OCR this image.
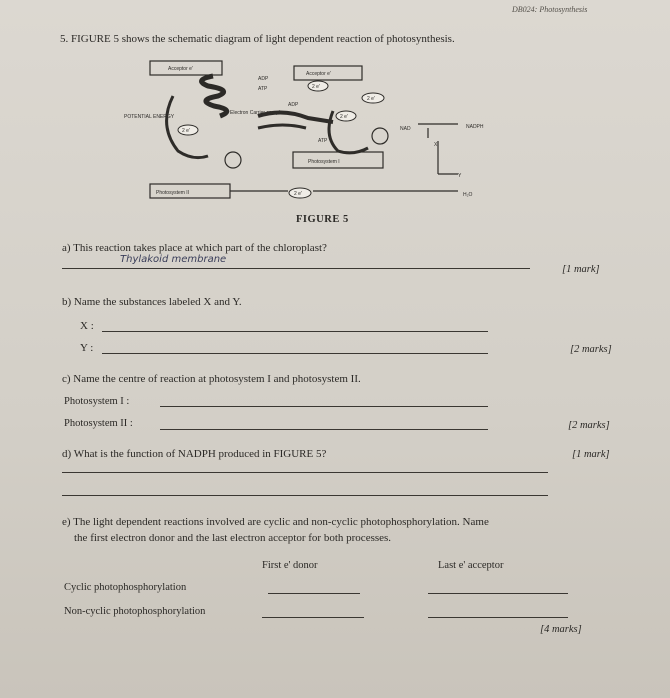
DB024: Photosynthesis
5. FIGURE 5 shows the schematic diagram of light dependent reaction of photosynthesis.
Acceptor e'
Acceptor e'
ADP
ATP
POTENTIAL ENERGY
Electron Carrier complex
ADP
ATP
NAD	NADPH
X
Y
Photosystem I
Photosystem II	H₂O
2 e'
2 e'
2 e'
2 e'
2 e'
FIGURE 5
a) This reaction takes place at which part of the chloroplast?
Thylakoid membrane
[1 mark]
b) Name the substances labeled X and Y.
X :
Y :	[2 marks]
c) Name the centre of reaction at photosystem I and photosystem II.
Photosystem I :
Photosystem II :	[2 marks]
d) What is the function of NADPH produced in FIGURE 5?	[1 mark]
e) The light dependent reactions involved are cyclic and non-cyclic photophosphorylation. Name
the first electron donor and the last electron acceptor for both processes.
First e' donor	Last e' acceptor
Cyclic photophosphorylation
Non-cyclic photophosphorylation
[4 marks]
